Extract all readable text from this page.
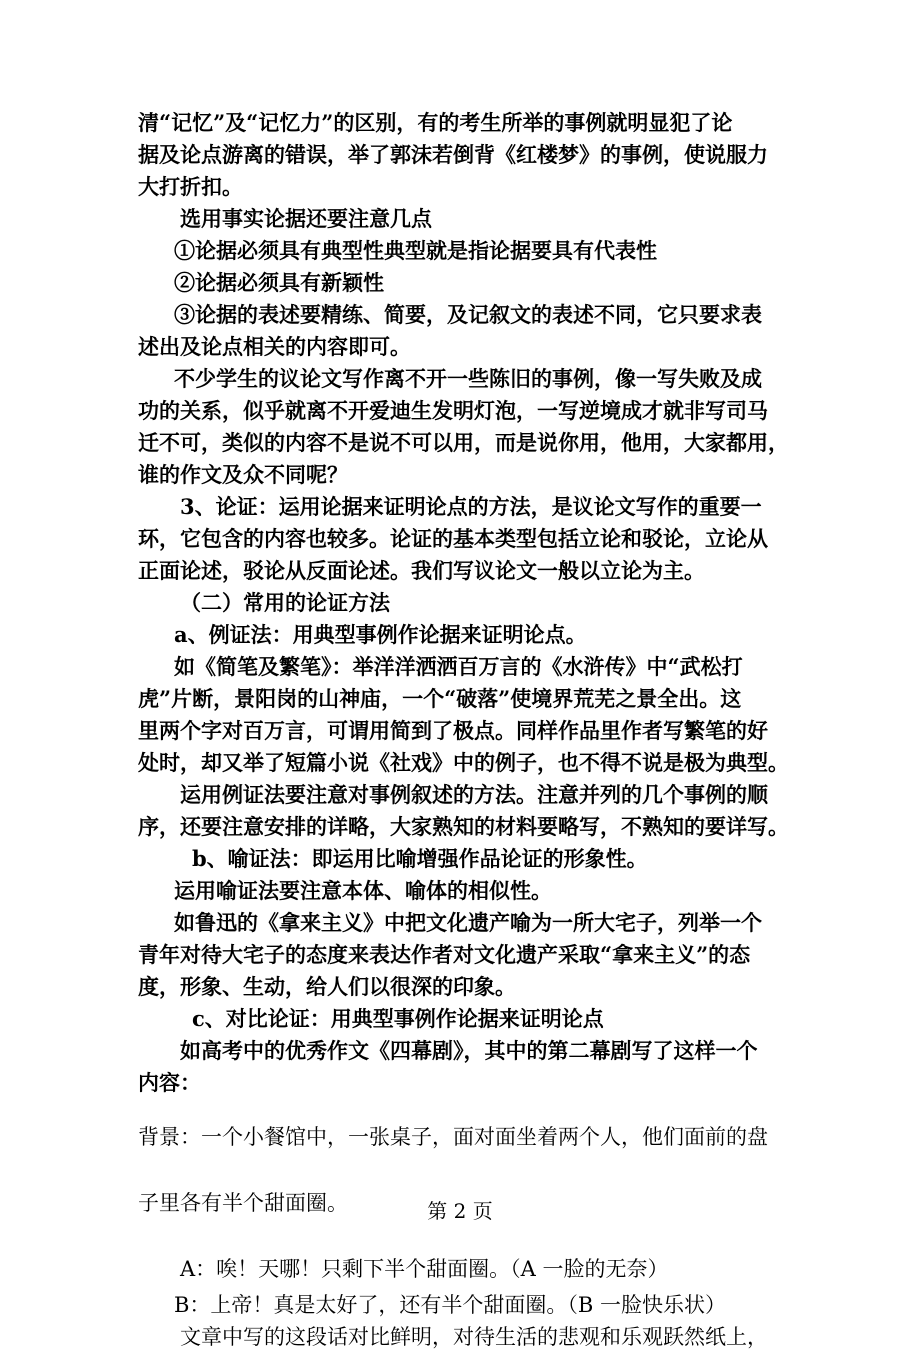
清“记忆”及“记忆力”的区别，有的考生所举的事例就明显犯了论
据及论点游离的错误，举了郭沫若倒背《红楼梦》的事例，使说服力
大打折扣。
选用事实论据还要注意几点
①论据必须具有典型性典型就是指论据要具有代表性
②论据必须具有新颖性
③论据的表述要精练、简要，及记叙文的表述不同，它只要求表
述出及论点相关的内容即可。
不少学生的议论文写作离不开一些陈旧的事例，像一写失败及成
功的关系，似乎就离不开爱迪生发明灯泡，一写逆境成才就非写司马
迁不可，类似的内容不是说不可以用，而是说你用，他用，大家都用，
谁的作文及众不同呢？
3、论证：运用论据来证明论点的方法，是议论文写作的重要一
环，它包含的内容也较多。论证的基本类型包括立论和驳论，立论从
正面论述，驳论从反面论述。我们写议论文一般以立论为主。
（二）常用的论证方法
a、例证法：用典型事例作论据来证明论点。
如《简笔及繁笔》：举洋洋洒洒百万言的《水浒传》中“武松打
虎”片断，景阳岗的山神庙，一个“破落”使境界荒芜之景全出。这
里两个字对百万言，可谓用简到了极点。同样作品里作者写繁笔的好
处时，却又举了短篇小说《社戏》中的例子，也不得不说是极为典型。
运用例证法要注意对事例叙述的方法。注意并列的几个事例的顺
序，还要注意安排的详略，大家熟知的材料要略写，不熟知的要详写。
b、喻证法：即运用比喻增强作品论证的形象性。
运用喻证法要注意本体、喻体的相似性。
如鲁迅的《拿来主义》中把文化遗产喻为一所大宅子，列举一个
青年对待大宅子的态度来表达作者对文化遗产采取“拿来主义”的态
度，形象、生动，给人们以很深的印象。
c、对比论证：用典型事例作论据来证明论点
如高考中的优秀作文《四幕剧》，其中的第二幕剧写了这样一个
内容：
背景：一个小餐馆中，一张桌子，面对面坐着两个人，他们面前的盘
子里各有半个甜面圈。
A：唉！天哪！只剩下半个甜面圈。（A 一脸的无奈）
B：上帝！真是太好了，还有半个甜面圈。（B 一脸快乐状）
文章中写的这段话对比鲜明，对待生活的悲观和乐观跃然纸上，
第 2 页
